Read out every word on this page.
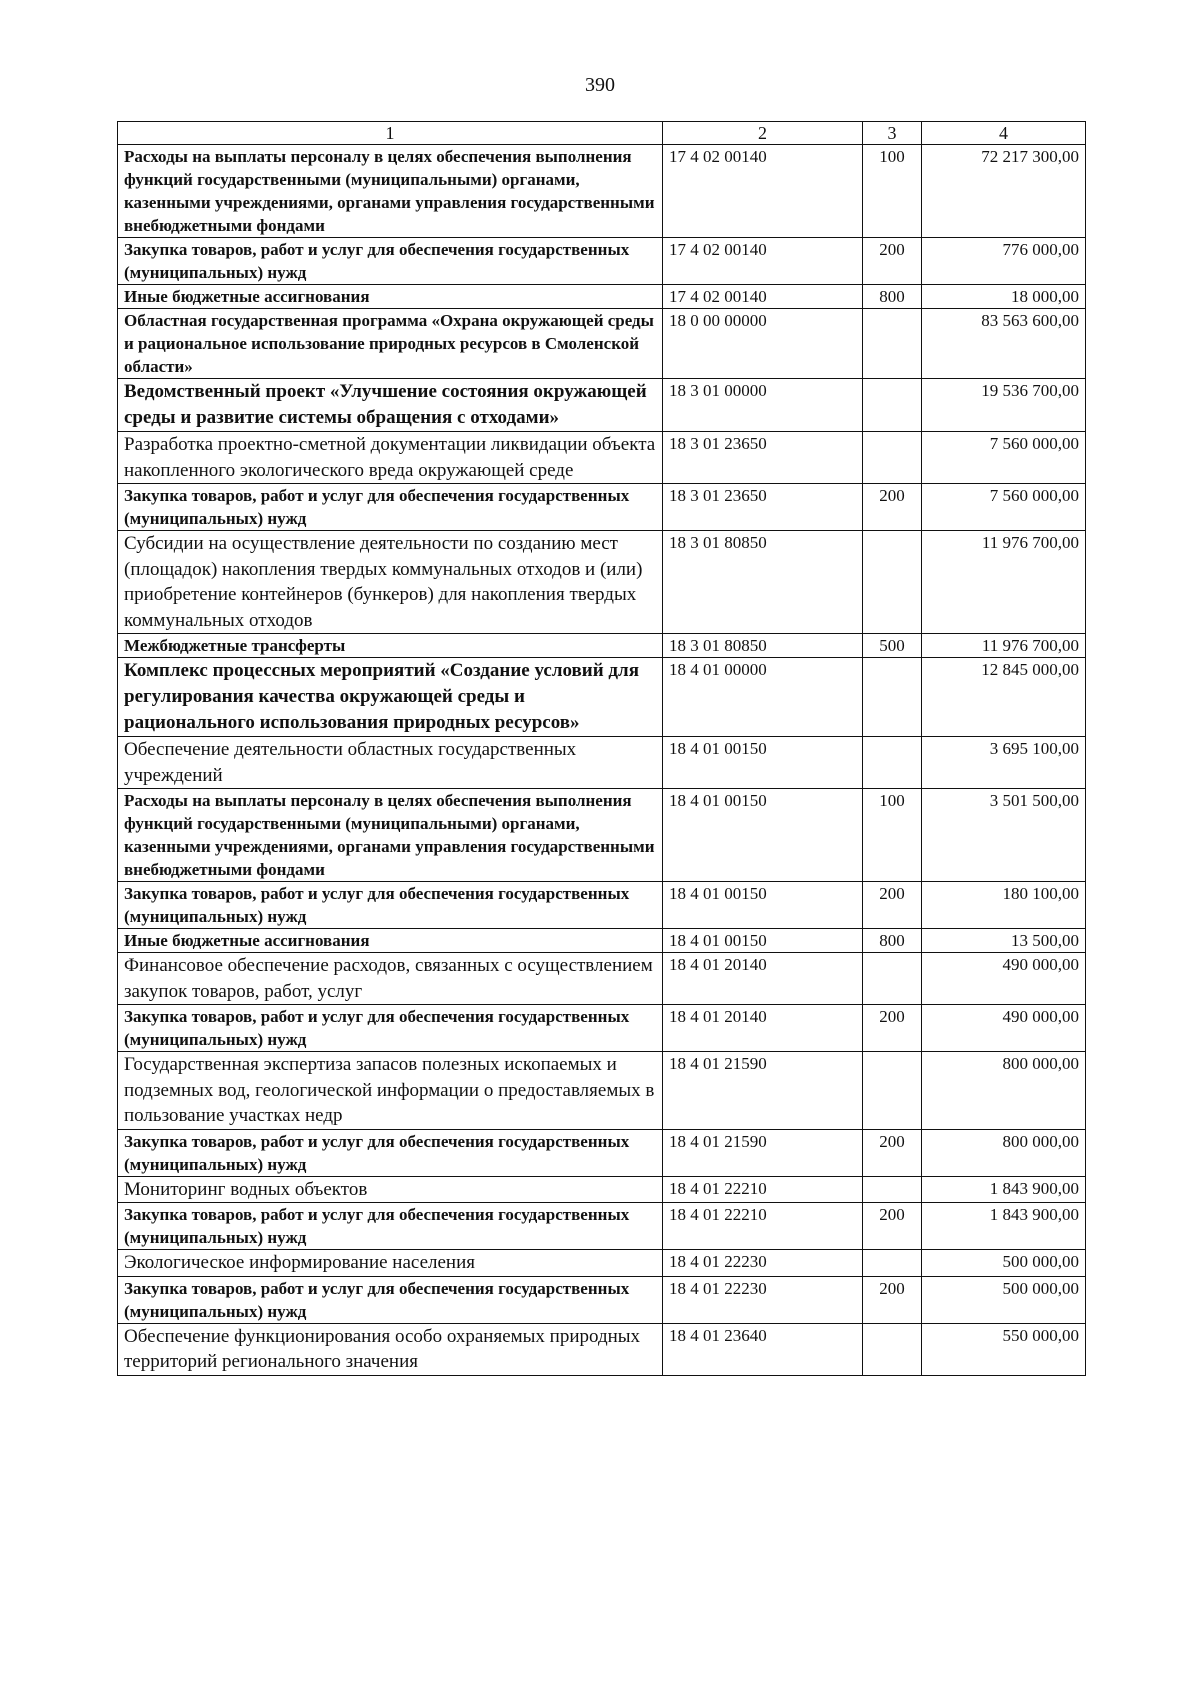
390
1	2	3	4
Расходы на выплаты персоналу в целях обеспечения выполнения функций государственными (муниципальными) органами, казенными учреждениями, органами управления государственными внебюджетными фондами	17 4 02 00140	100	72 217 300,00
Закупка товаров, работ и услуг для обеспечения государственных (муниципальных) нужд	17 4 02 00140	200	776 000,00
Иные бюджетные ассигнования	17 4 02 00140	800	18 000,00
Областная государственная программа «Охрана окружающей среды и рациональное использование природных ресурсов в Смоленской области»	18 0 00 00000		83 563 600,00
Ведомственный проект «Улучшение состояния окружающей среды и развитие системы обращения с отходами»	18 3 01 00000		19 536 700,00
Разработка проектно-сметной документации ликвидации объекта накопленного экологического вреда окружающей среде	18 3 01 23650		7 560 000,00
Закупка товаров, работ и услуг для обеспечения государственных (муниципальных) нужд	18 3 01 23650	200	7 560 000,00
Субсидии на осуществление деятельности по созданию мест (площадок) накопления твердых коммунальных отходов и (или) приобретение контейнеров (бункеров) для накопления твердых коммунальных отходов	18 3 01 80850		11 976 700,00
Межбюджетные трансферты	18 3 01 80850	500	11 976 700,00
Комплекс процессных мероприятий «Создание условий для регулирования качества окружающей среды и рационального использования природных ресурсов»	18 4 01 00000		12 845 000,00
Обеспечение деятельности областных государственных учреждений	18 4 01 00150		3 695 100,00
Расходы на выплаты персоналу в целях обеспечения выполнения функций государственными (муниципальными) органами, казенными учреждениями, органами управления государственными внебюджетными фондами	18 4 01 00150	100	3 501 500,00
Закупка товаров, работ и услуг для обеспечения государственных (муниципальных) нужд	18 4 01 00150	200	180 100,00
Иные бюджетные ассигнования	18 4 01 00150	800	13 500,00
Финансовое обеспечение расходов, связанных с осуществлением закупок товаров, работ, услуг	18 4 01 20140		490 000,00
Закупка товаров, работ и услуг для обеспечения государственных (муниципальных) нужд	18 4 01 20140	200	490 000,00
Государственная экспертиза запасов полезных ископаемых и подземных вод, геологической информации о предоставляемых в пользование участках недр	18 4 01 21590		800 000,00
Закупка товаров, работ и услуг для обеспечения государственных (муниципальных) нужд	18 4 01 21590	200	800 000,00
Мониторинг водных объектов	18 4 01 22210		1 843 900,00
Закупка товаров, работ и услуг для обеспечения государственных (муниципальных) нужд	18 4 01 22210	200	1 843 900,00
Экологическое информирование населения	18 4 01 22230		500 000,00
Закупка товаров, работ и услуг для обеспечения государственных (муниципальных) нужд	18 4 01 22230	200	500 000,00
Обеспечение функционирования особо охраняемых природных территорий регионального значения	18 4 01 23640		550 000,00
